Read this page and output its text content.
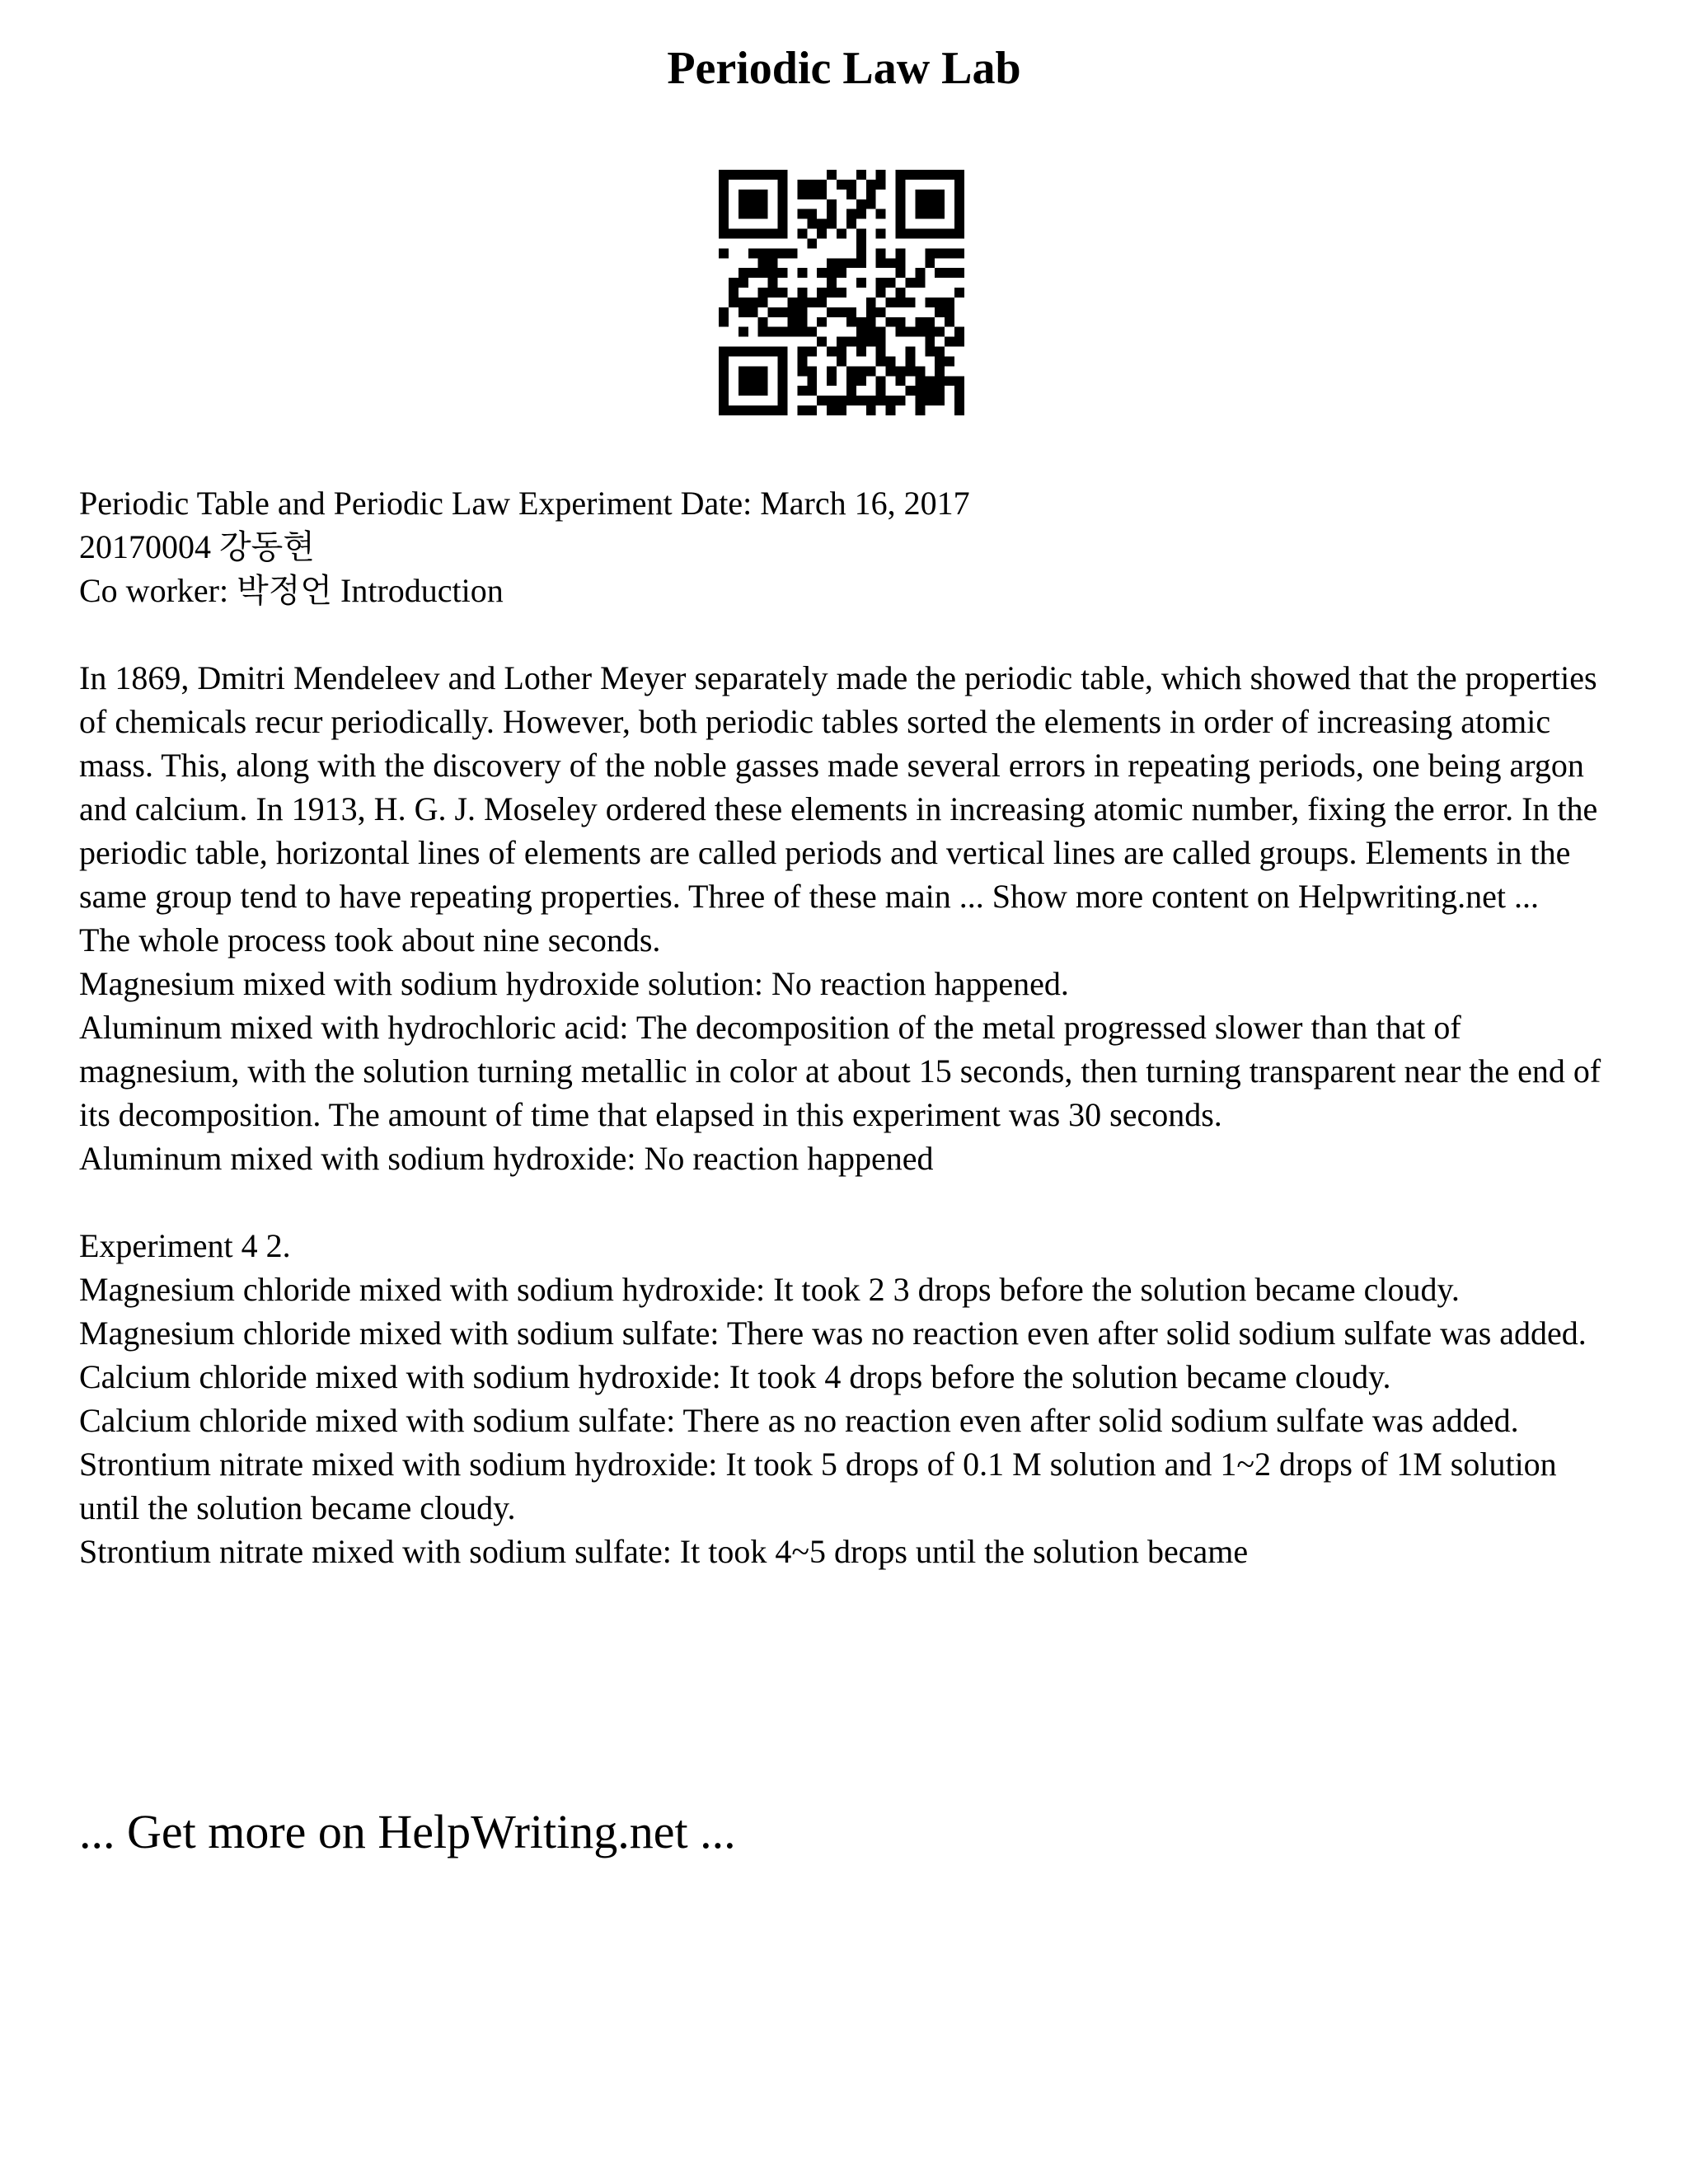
Periodic Law Lab
Periodic Table and Periodic Law Experiment Date: March 16, 2017
20170004 강동현
Co worker: 박정언 Introduction
In 1869, Dmitri Mendeleev and Lother Meyer separately made the periodic table, which showed that the properties of chemicals recur periodically. However, both periodic tables sorted the elements in order of increasing atomic mass. This, along with the discovery of the noble gasses made several errors in repeating periods, one being argon and calcium. In 1913, H. G. J. Moseley ordered these elements in increasing atomic number, fixing the error. In the periodic table, horizontal lines of elements are called periods and vertical lines are called groups. Elements in the same group tend to have repeating properties. Three of these main ... Show more content on Helpwriting.net ...
The whole process took about nine seconds.
Magnesium mixed with sodium hydroxide solution: No reaction happened.
Aluminum mixed with hydrochloric acid: The decomposition of the metal progressed slower than that of magnesium, with the solution turning metallic in color at about 15 seconds, then turning transparent near the end of its decomposition. The amount of time that elapsed in this experiment was 30 seconds.
Aluminum mixed with sodium hydroxide: No reaction happened
Experiment 4 2.
Magnesium chloride mixed with sodium hydroxide: It took 2 3 drops before the solution became cloudy.
Magnesium chloride mixed with sodium sulfate: There was no reaction even after solid sodium sulfate was added.
Calcium chloride mixed with sodium hydroxide: It took 4 drops before the solution became cloudy.
Calcium chloride mixed with sodium sulfate: There as no reaction even after solid sodium sulfate was added.
Strontium nitrate mixed with sodium hydroxide: It took 5 drops of 0.1 M solution and 1~2 drops of 1M solution until the solution became cloudy.
Strontium nitrate mixed with sodium sulfate: It took 4~5 drops until the solution became
... Get more on HelpWriting.net ...
